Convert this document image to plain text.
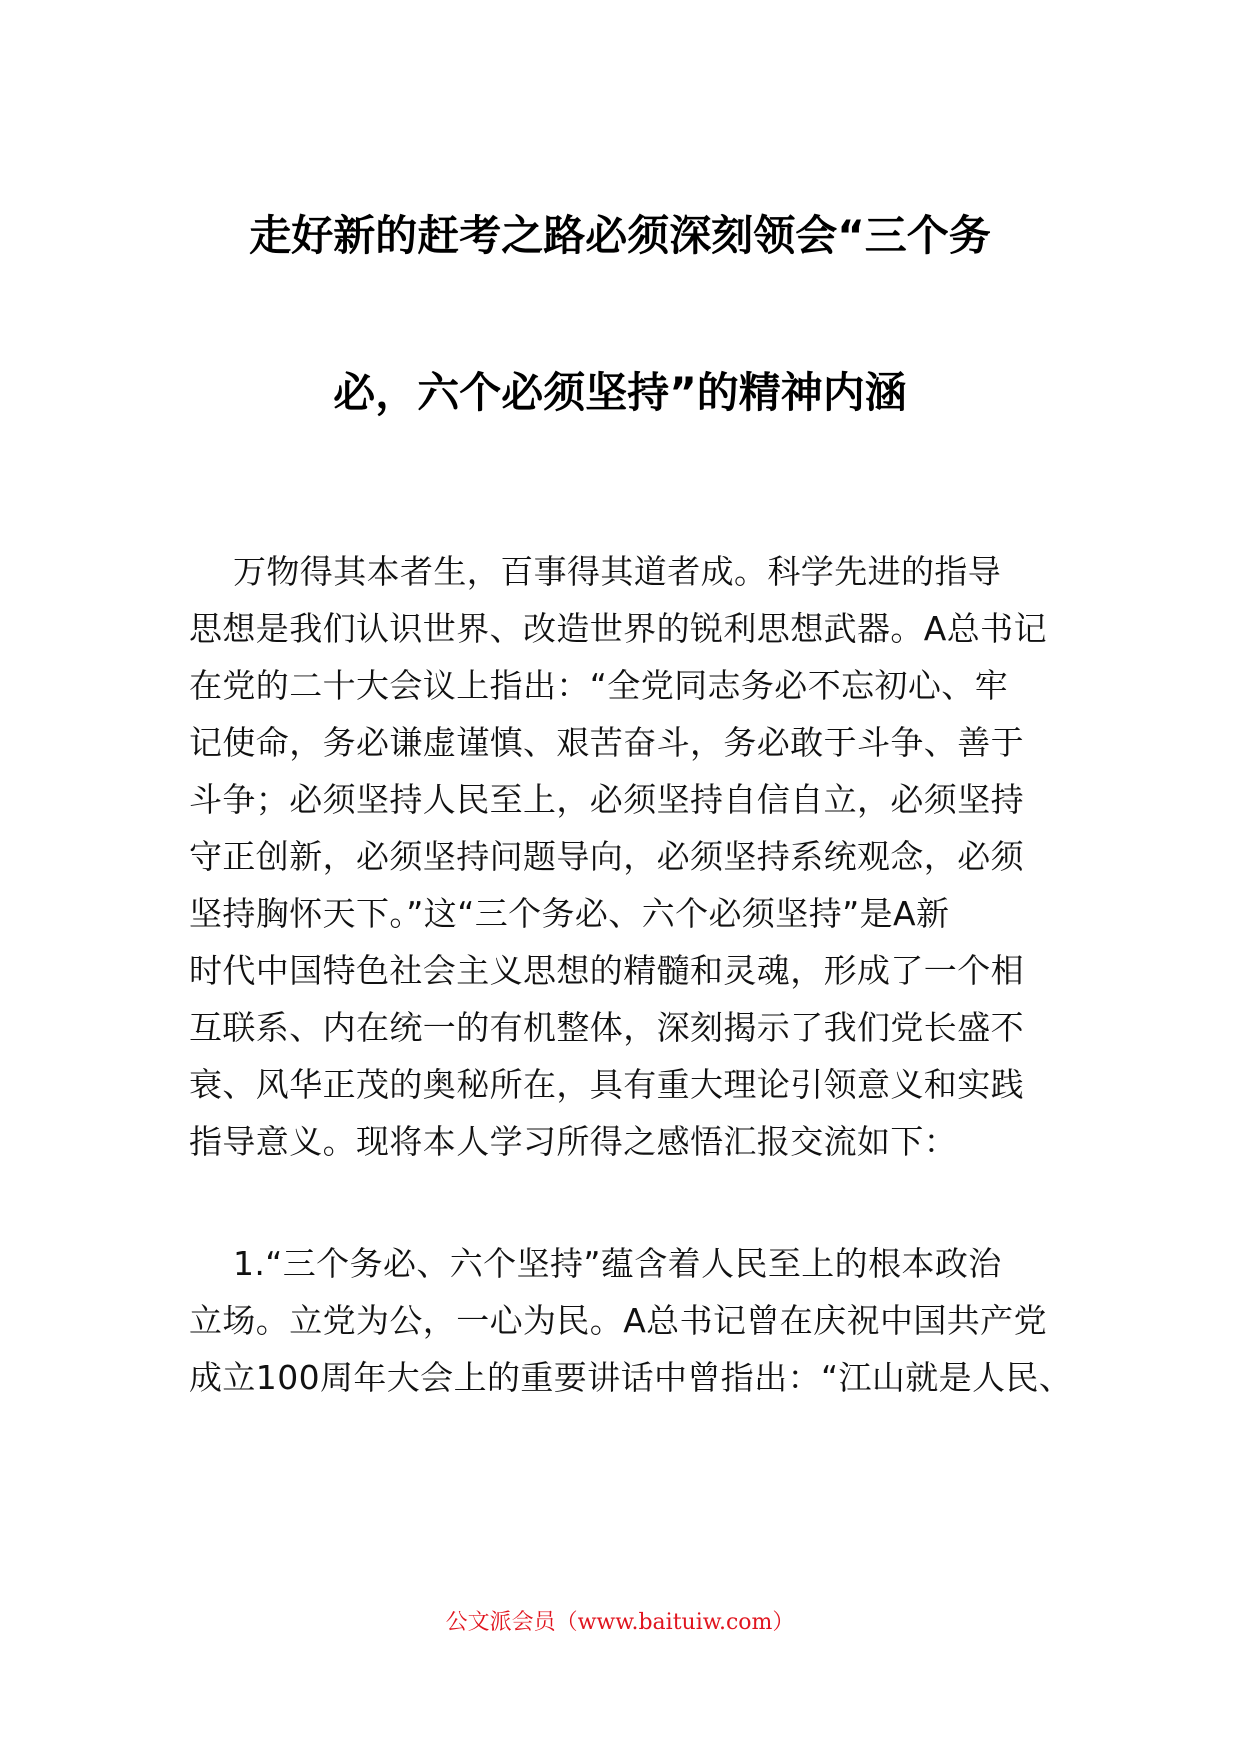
走好新的赶考之路必须深刻领会“三个务
必，六个必须坚持”的精神内涵
万物得其本者生，百事得其道者成。科学先进的指导
思想是我们认识世界、改造世界的锐利思想武器。A总书记
在党的二十大会议上指出：“全党同志务必不忘初心、牢
记使命，务必谦虚谨慎、艰苦奋斗，务必敢于斗争、善于
斗争；必须坚持人民至上，必须坚持自信自立，必须坚持
守正创新，必须坚持问题导向，必须坚持系统观念，必须
坚持胸怀天下。”这“三个务必、六个必须坚持”是A新
时代中国特色社会主义思想的精髓和灵魂，形成了一个相
互联系、内在统一的有机整体，深刻揭示了我们党长盛不
衰、风华正茂的奥秘所在，具有重大理论引领意义和实践
指导意义。现将本人学习所得之感悟汇报交流如下：
1.“三个务必、六个坚持”蕴含着人民至上的根本政治
立场。立党为公，一心为民。A总书记曾在庆祝中国共产党
成立100周年大会上的重要讲话中曾指出：“江山就是人民、
公文派会员（www.baituiw.com）
